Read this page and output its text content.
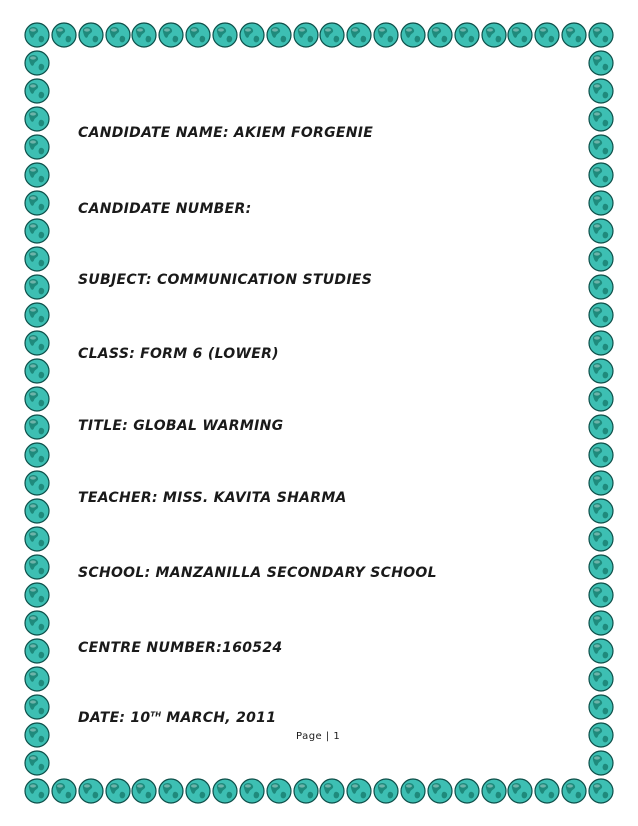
CANDIDATE NAME: AKIEM FORGENIE
CANDIDATE NUMBER:
SUBJECT: COMMUNICATION STUDIES
CLASS: FORM 6 (LOWER)
TITLE: GLOBAL WARMING
TEACHER: MISS. KAVITA SHARMA
SCHOOL: MANZANILLA SECONDARY SCHOOL
CENTRE NUMBER:160524
DATE: 10TH MARCH, 2011
Page | 1
